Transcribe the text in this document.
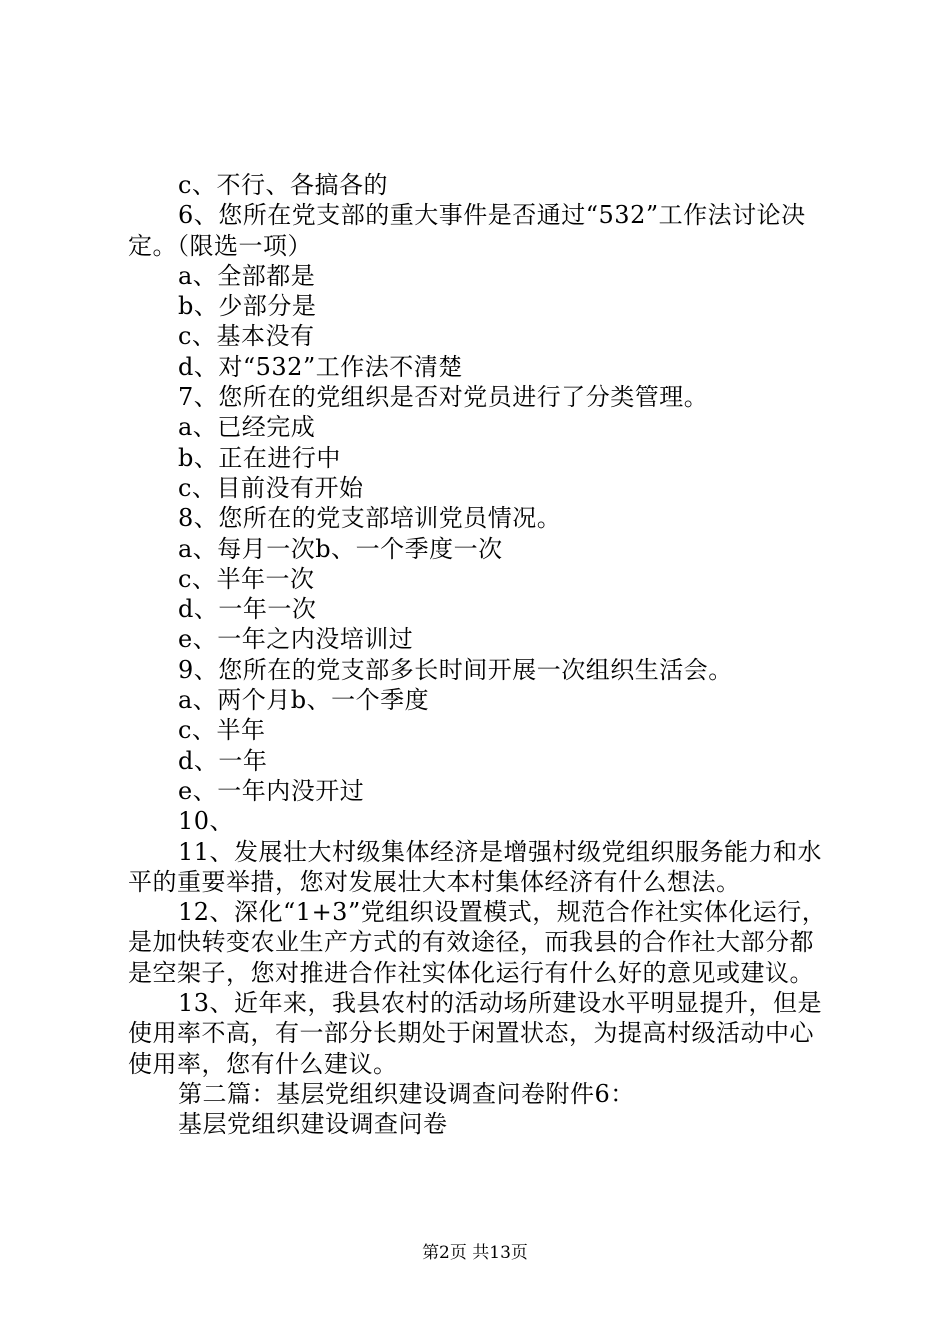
c、不行、各搞各的

6、您所在党支部的重大事件是否通过“532”工作法讨论决定。（限选一项）

a、全部都是

b、少部分是

c、基本没有

d、对“532”工作法不清楚

7、您所在的党组织是否对党员进行了分类管理。

a、已经完成

b、正在进行中

c、目前没有开始

8、您所在的党支部培训党员情况。

a、每月一次b、一个季度一次

c、半年一次

d、一年一次

e、一年之内没培训过

9、您所在的党支部多长时间开展一次组织生活会。

a、两个月b、一个季度

c、半年

d、一年

e、一年内没开过

10、

11、发展壮大村级集体经济是增强村级党组织服务能力和水平的重要举措，您对发展壮大本村集体经济有什么想法。

12、深化“1+3”党组织设置模式，规范合作社实体化运行，是加快转变农业生产方式的有效途径，而我县的合作社大部分都是空架子，您对推进合作社实体化运行有什么好的意见或建议。

13、近年来，我县农村的活动场所建设水平明显提升，但是使用率不高，有一部分长期处于闲置状态，为提高村级活动中心使用率，您有什么建议。

第二篇：基层党组织建设调查问卷附件6：

基层党组织建设调查问卷

第2页 共13页
